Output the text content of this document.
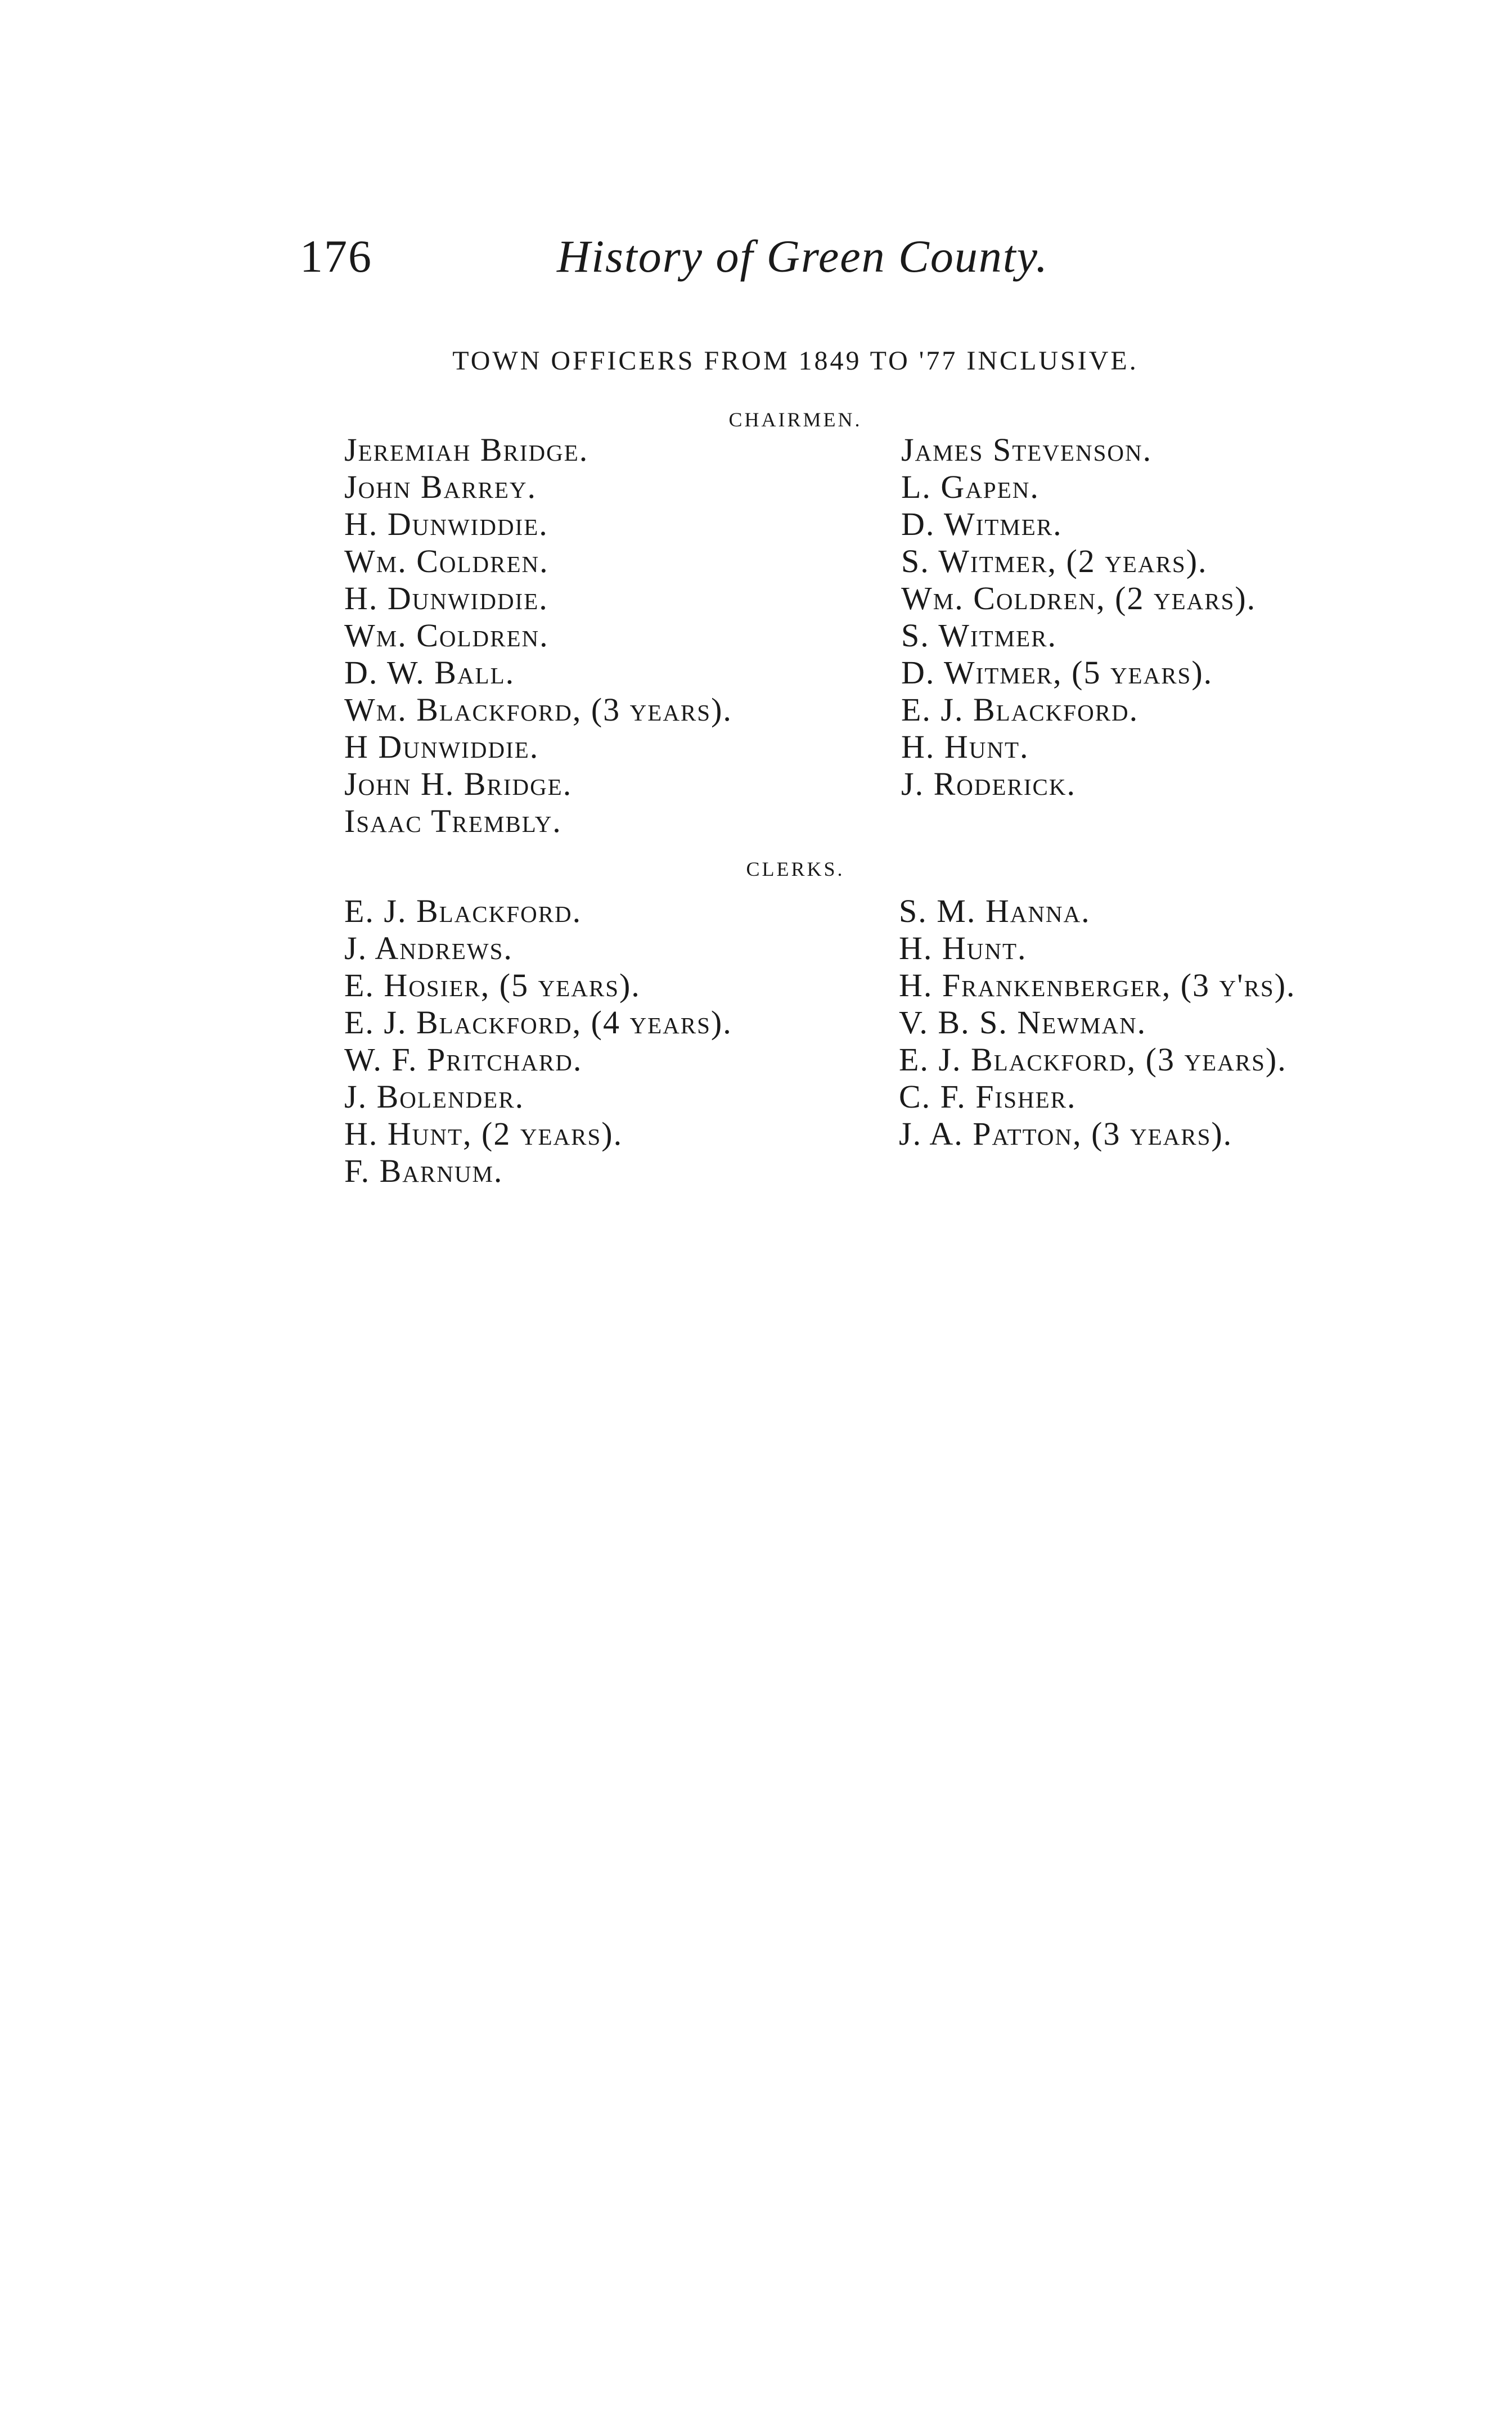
176	History of Green County.
TOWN OFFICERS FROM 1849 TO '77 INCLUSIVE.
CHAIRMEN.
Jeremiah Bridge.
John Barrey.
H. Dunwiddie.
Wm. Coldren.
H. Dunwiddie.
Wm. Coldren.
D. W. Ball.
Wm. Blackford, (3 years).
H Dunwiddie.
John H. Bridge.
Isaac Trembly.
James Stevenson.
L. Gapen.
D. Witmer.
S. Witmer, (2 years).
Wm. Coldren, (2 years).
S. Witmer.
D. Witmer, (5 years).
E. J. Blackford.
H. Hunt.
J. Roderick.
CLERKS.
E. J. Blackford.
J. Andrews.
E. Hosier, (5 years).
E. J. Blackford, (4 years).
W. F. Pritchard.
J. Bolender.
H. Hunt, (2 years).
F. Barnum.
S. M. Hanna.
H. Hunt.
H. Frankenberger, (3 y'rs).
V. B. S. Newman.
E. J. Blackford, (3 years).
C. F. Fisher.
J. A. Patton, (3 years).
